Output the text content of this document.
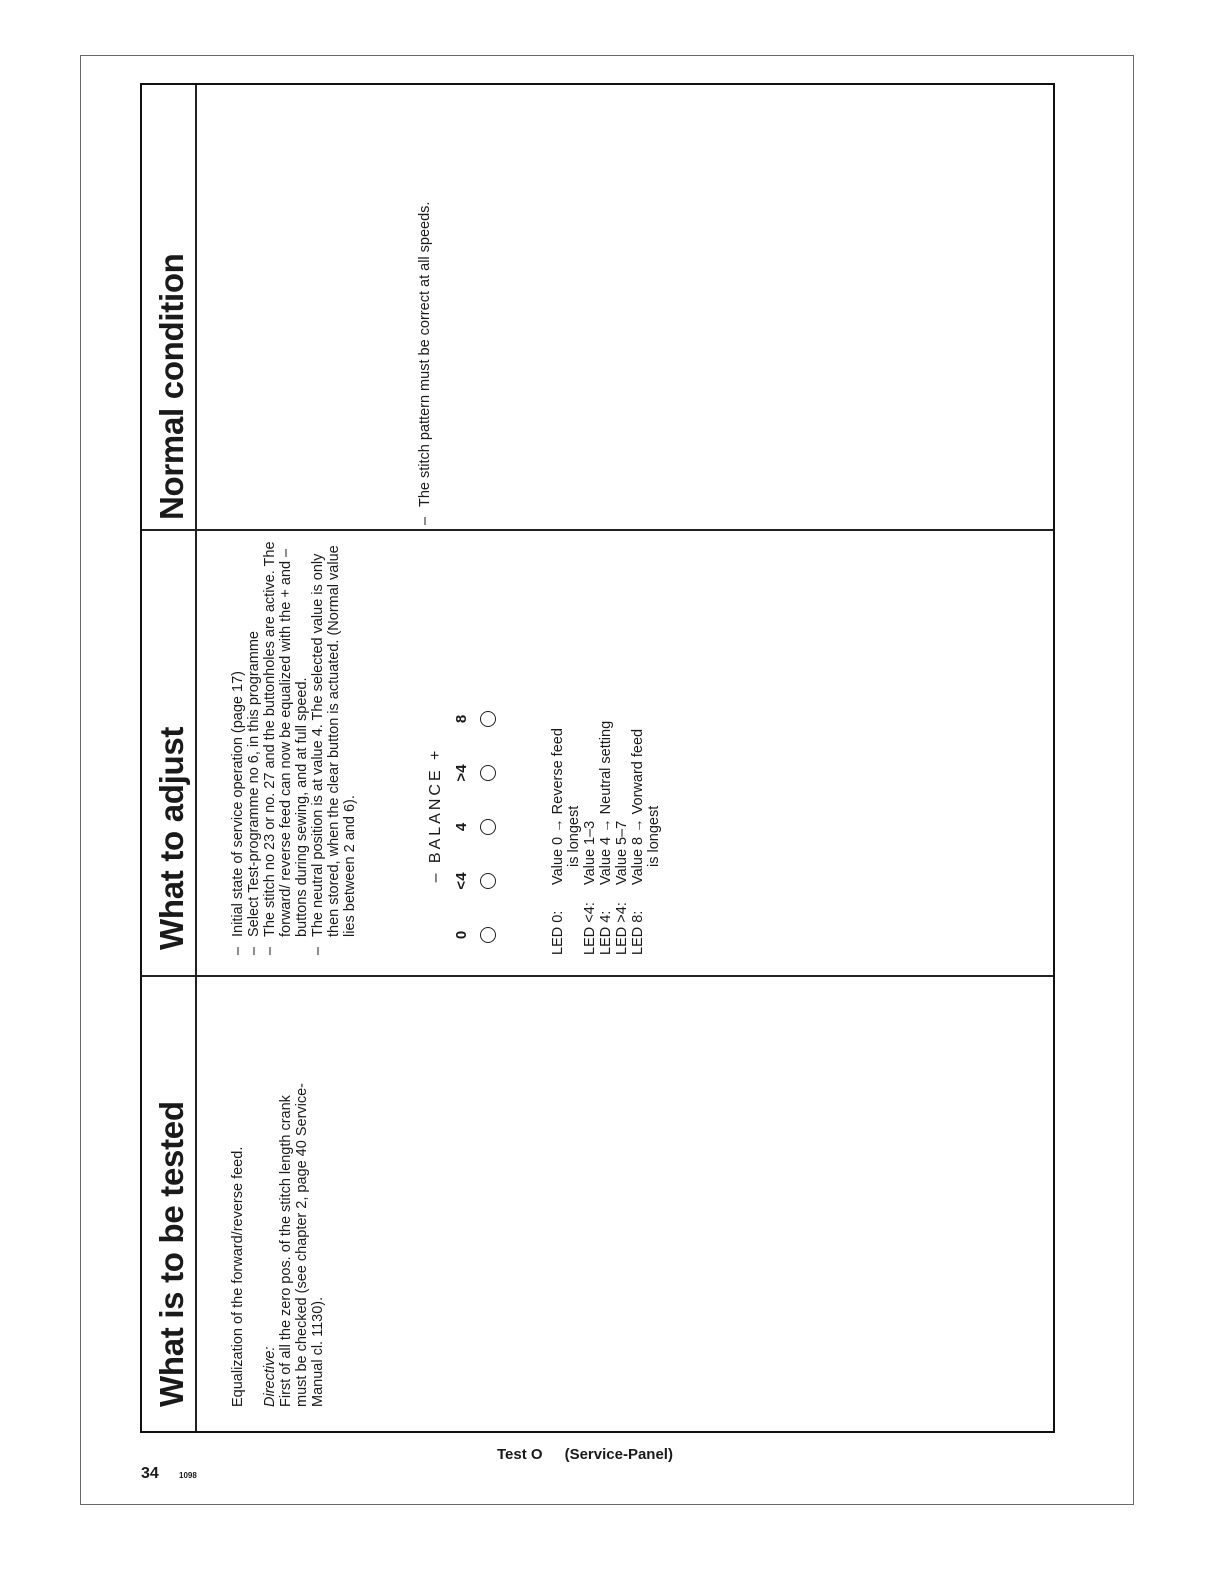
What is to be tested
What to adjust
Normal condition

Equalization of the forward/reverse feed. Directive: First of all the zero pos. of the stitch length crank must be checked (see chapter 2, page 40 Service-Manual cl. 1130).

– Initial state of service operation (page 17) – Select Test-programme no 6, in this programme – The stitch no 23 or no. 27 and the buttonholes are active. The forward/ reverse feed can now be equalized with the + and – buttons during sewing, and at full speed. – The neutral position is at value 4. The selected value is only then stored, when the clear button is actuated. (Normal value lies between 2 and 6).	– BALANCE +
0
<4
4
>4
8
LED 0:
Value 0 → Reverse feed is longest
LED <4:
Value 1–3
LED 4:
Value 4 → Neutral setting
LED >4:
Value 5–7
LED 8:
Value 8 → Vorward feed is longest
– The stitch pattern must be correct at all speeds.
Test O (Service-Panel)
34	1098
